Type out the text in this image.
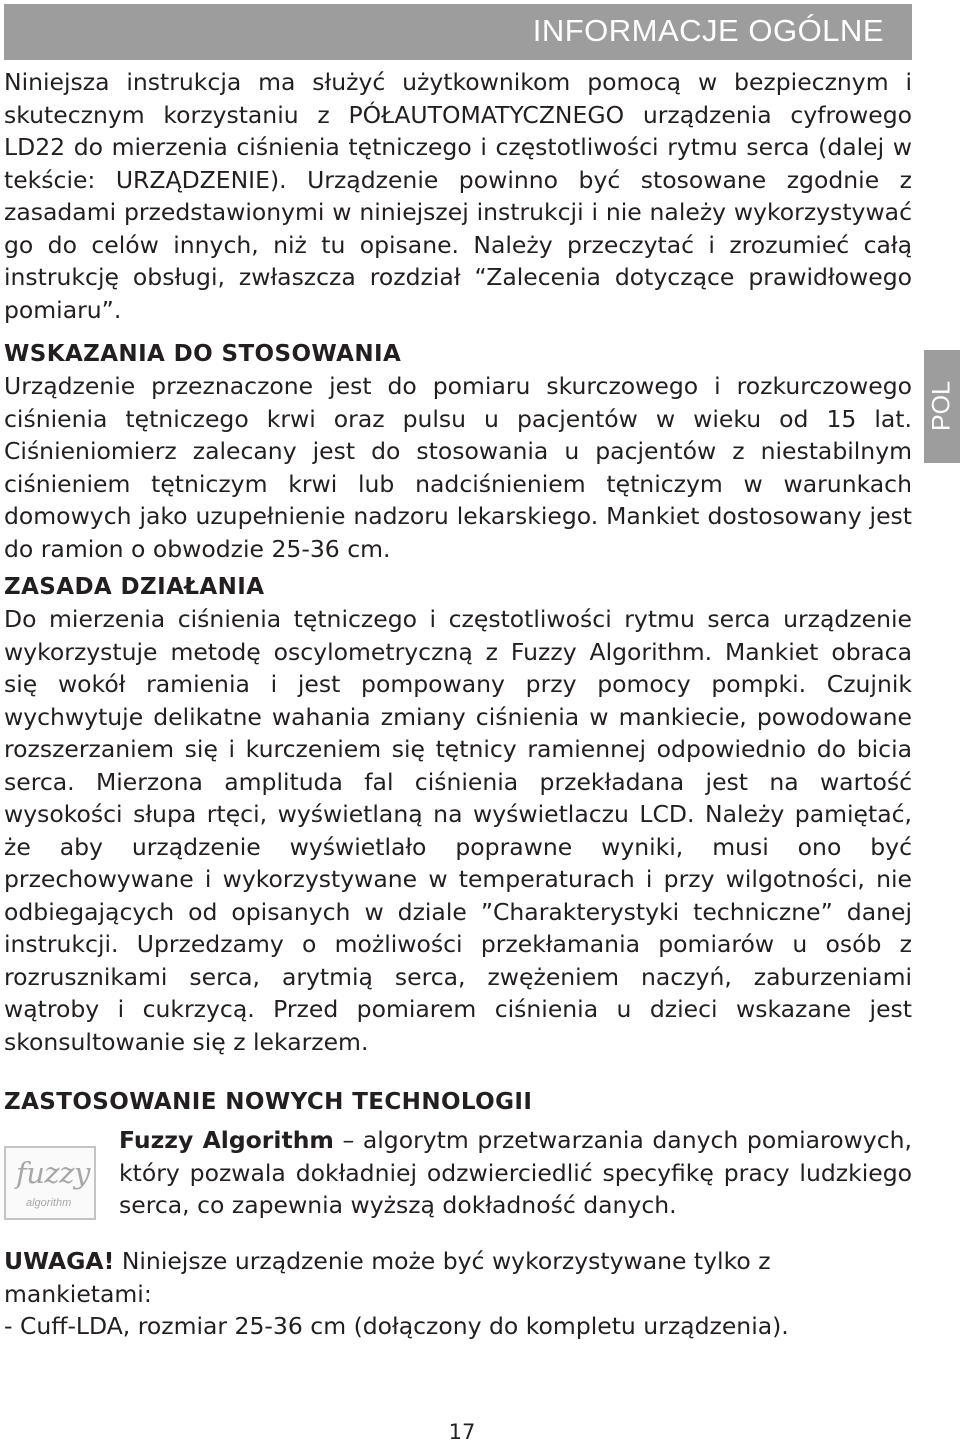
INFORMACJE OGÓLNE
POL

Niniejsza instrukcja ma służyć użytkownikom pomocą w bezpiecznym i skutecznym korzystaniu z PÓŁAUTOMATYCZNEGO urządzenia cyfrowego LD22 do mierzenia ciśnienia tętniczego i częstotliwości rytmu serca (dalej w tekście: URZĄDZENIE). Urządzenie powinno być stosowane zgodnie z zasadami przedstawionymi w niniejszej instrukcji i nie należy wykorzystywać go do celów innych, niż tu opisane. Należy przeczytać i zrozumieć całą instrukcję obsługi, zwłaszcza rozdział “Zalecenia dotyczące prawidłowego pomiaru”.

WSKAZANIA DO STOSOWANIA

Urządzenie przeznaczone jest do pomiaru skurczowego i rozkurczowego ciśnienia tętniczego krwi oraz pulsu u pacjentów w wieku od 15 lat. Ciśnieniomierz zalecany jest do stosowania u pacjentów z niestabilnym ciśnieniem tętniczym krwi lub nadciśnieniem tętniczym w warunkach domowych jako uzupełnienie nadzoru lekarskiego. Mankiet dostosowany jest do ramion o obwodzie 25-36 cm.

ZASADA DZIAŁANIA

Do mierzenia ciśnienia tętniczego i częstotliwości rytmu serca urządzenie wykorzystuje metodę oscylometryczną z Fuzzy Algorithm. Mankiet obraca się wokół ramienia i jest pompowany przy pomocy pompki. Czujnik wychwytuje delikatne wahania zmiany ciśnienia w mankiecie, powodowane rozszerzaniem się i kurczeniem się tętnicy ramiennej odpowiednio do bicia serca. Mierzona amplituda fal ciśnienia przekładana jest na wartość wysokości słupa rtęci, wyświetlaną na wyświetlaczu LCD. Należy pamiętać, że aby urządzenie wyświetlało poprawne wyniki, musi ono być przechowywane i wykorzystywane w temperaturach i przy wilgotności, nie odbiegających od opisanych w dziale ”Charakterystyki techniczne” danej instrukcji. Uprzedzamy o możliwości przekłamania pomiarów u osób z rozrusznikami serca, arytmią serca, zwężeniem naczyń, zaburzeniami wątroby i cukrzycą. Przed pomiarem ciśnienia u dzieci wskazane jest skonsultowanie się z lekarzem.

ZASTOSOWANIE NOWYCH TECHNOLOGII
fuzzy
algorithm

Fuzzy Algorithm – algorytm przetwarzania danych pomiarowych, który pozwala dokładniej odzwierciedlić specyfikę pracy ludzkiego serca, co zapewnia wyższą dokładność danych.

UWAGA! Niniejsze urządzenie może być wykorzystywane tylko z mankietami:

- Cuff-LDA, rozmiar 25-36 cm (dołączony do kompletu urządzenia).

17
